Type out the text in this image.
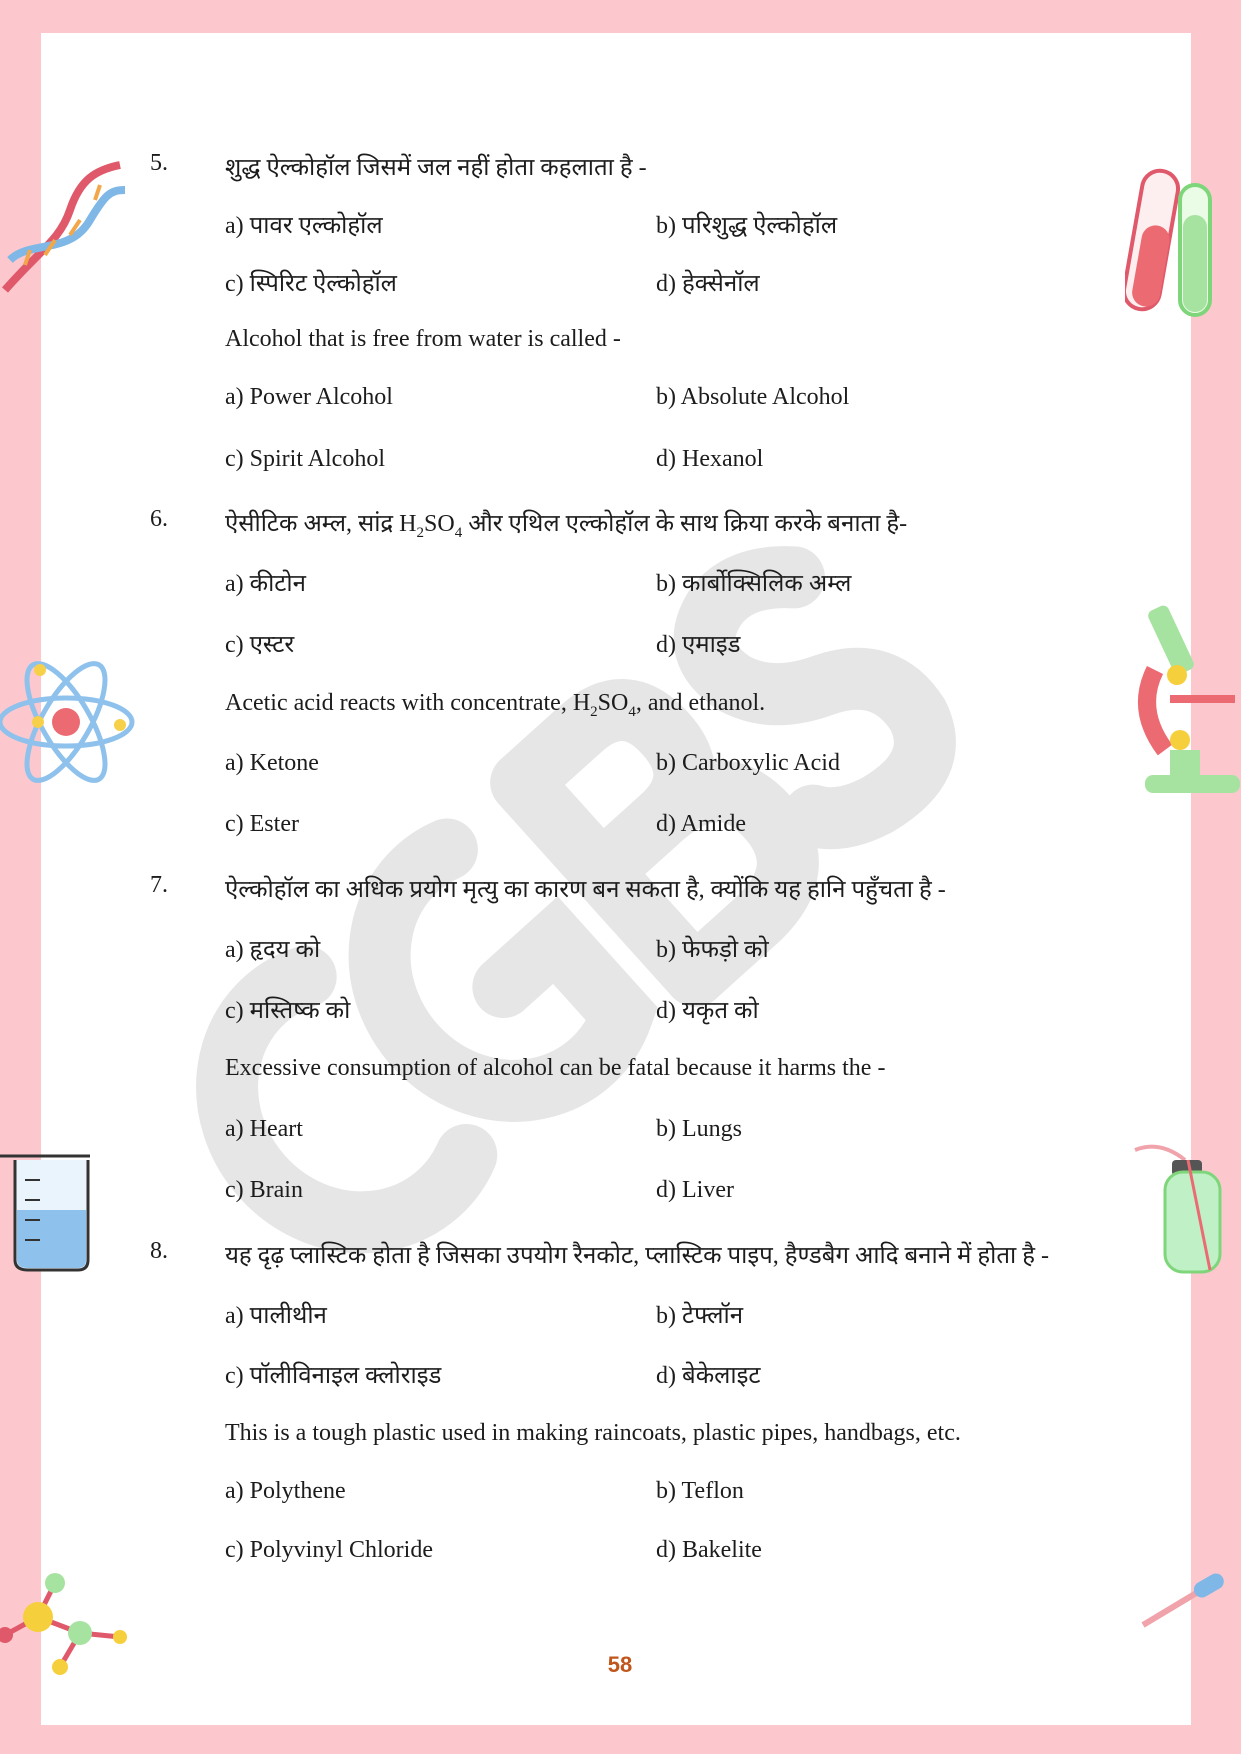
5. शुद्ध ऐल्कोहॉल जिसमें जल नहीं होता कहलाता है -
a) पावर एल्कोहॉल	b) परिशुद्ध ऐल्कोहॉल
c) स्पिरिट ऐल्कोहॉल	d) हेक्सेनॉल
Alcohol that is free from water is called -
a) Power Alcohol	b) Absolute Alcohol
c) Spirit Alcohol	d) Hexanol
6. ऐसीटिक अम्ल, सांद्र $H_2SO_4$ और एथिल एल्कोहॉल के साथ क्रिया करके बनाता है-
a) कीटोन	b) कार्बोक्सिलिक अम्ल
c) एस्टर	d) एमाइड
Acetic acid reacts with concentrate, $H_2SO_4$, and ethanol.
a) Ketone	b) Carboxylic Acid
c) Ester	d) Amide
7. ऐल्कोहॉल का अधिक प्रयोग मृत्यु का कारण बन सकता है, क्योंकि यह हानि पहुँचता है -
a) हृदय को	b) फेफड़ो को
c) मस्तिष्क को	d) यकृत को
Excessive consumption of alcohol can be fatal because it harms the -
a) Heart	b) Lungs
c) Brain	d) Liver
8. यह दृढ़ प्लास्टिक होता है जिसका उपयोग रैनकोट, प्लास्टिक पाइप, हैण्डबैग आदि बनाने में होता है -
a) पालीथीन	b) टेफ्लॉन
c) पॉलीविनाइल क्लोराइड	d) बेकेलाइट
This is a tough plastic used in making raincoats, plastic pipes, handbags, etc.
a) Polythene	b) Teflon
c) Polyvinyl Chloride	d) Bakelite
58
